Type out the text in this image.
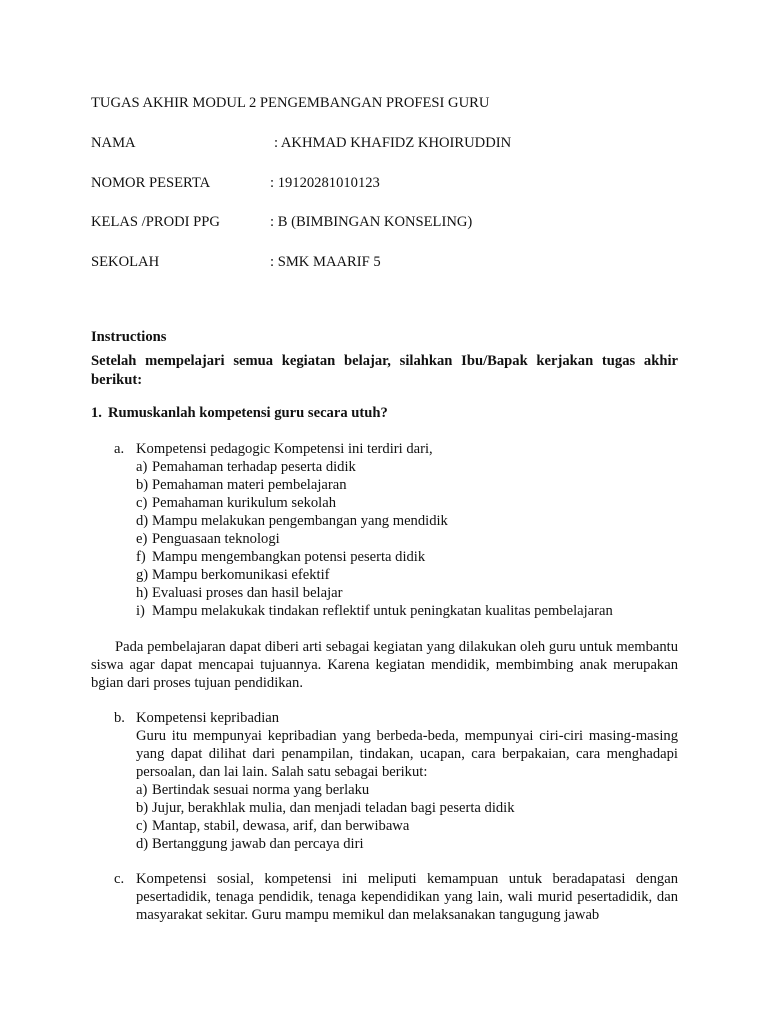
TUGAS AKHIR MODUL 2 PENGEMBANGAN PROFESI GURU
NAMA	: AKHMAD KHAFIDZ KHOIRUDDIN
NOMOR PESERTA	: 19120281010123
KELAS /PRODI PPG	: B (BIMBINGAN KONSELING)
SEKOLAH	: SMK MAARIF 5
Instructions
Setelah mempelajari semua kegiatan belajar, silahkan Ibu/Bapak kerjakan tugas akhir berikut:
1. Rumuskanlah kompetensi guru secara utuh?
a. Kompetensi pedagogic Kompetensi ini terdiri dari,
a) Pemahaman terhadap peserta didik
b) Pemahaman materi pembelajaran
c) Pemahaman kurikulum sekolah
d) Mampu melakukan pengembangan yang mendidik
e) Penguasaan teknologi
f) Mampu mengembangkan potensi peserta didik
g) Mampu berkomunikasi efektif
h) Evaluasi proses dan hasil belajar
i) Mampu melakukak tindakan reflektif untuk peningkatan kualitas pembelajaran
Pada pembelajaran dapat diberi arti sebagai kegiatan yang dilakukan oleh guru untuk membantu siswa agar dapat mencapai tujuannya. Karena kegiatan mendidik, membimbing anak merupakan bgian dari proses tujuan pendidikan.
b. Kompetensi kepribadian
Guru itu mempunyai kepribadian yang berbeda-beda, mempunyai ciri-ciri masing-masing yang dapat dilihat dari penampilan, tindakan, ucapan, cara berpakaian, cara menghadapi persoalan, dan lai lain. Salah satu sebagai berikut:
a) Bertindak sesuai norma yang berlaku
b) Jujur, berakhlak mulia, dan menjadi teladan bagi peserta didik
c) Mantap, stabil, dewasa, arif, dan berwibawa
d) Bertanggung jawab dan percaya diri
c. Kompetensi sosial, kompetensi ini meliputi kemampuan untuk beradapatasi dengan pesertadidik, tenaga pendidik, tenaga kependidikan yang lain, wali murid pesertadidik, dan masyarakat sekitar. Guru mampu memikul dan melaksanakan tangugung jawab
